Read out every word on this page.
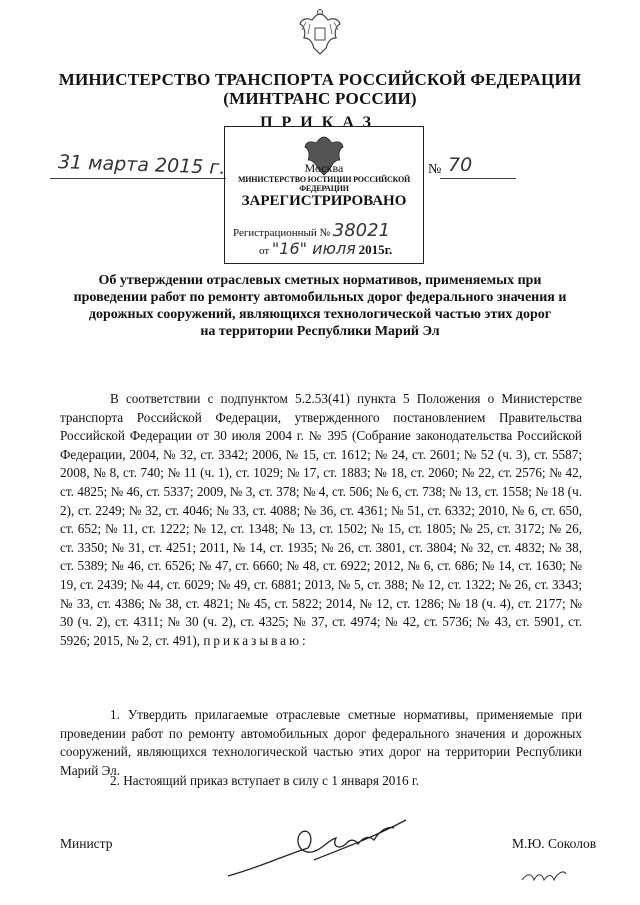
МИНИСТЕРСТВО ТРАНСПОРТА РОССИЙСКОЙ ФЕДЕРАЦИИ
(МИНТРАНС РОССИИ)
ПРИКАЗ
31 марта 2015 г.	№ 70
Москва
МИНИСТЕРСТВО ЮСТИЦИИ РОССИЙСКОЙ ФЕДЕРАЦИИ
ЗАРЕГИСТРИРОВАНО
Регистрационный № 38021
от "16" июля 2015г.
Об утверждении отраслевых сметных нормативов, применяемых при
проведении работ по ремонту автомобильных дорог федерального значения и
дорожных сооружений, являющихся технологической частью этих дорог
на территории Республики Марий Эл
В соответствии с подпунктом 5.2.53(41) пункта 5 Положения о Министерстве транспорта Российской Федерации, утвержденного постановлением Правительства Российской Федерации от 30 июля 2004 г. № 395 (Собрание законодательства Российской Федерации, 2004, № 32, ст. 3342; 2006, № 15, ст. 1612; № 24, ст. 2601; № 52 (ч. 3), ст. 5587; 2008, № 8, ст. 740; № 11 (ч. 1), ст. 1029; № 17, ст. 1883; № 18, ст. 2060; № 22, ст. 2576; № 42, ст. 4825; № 46, ст. 5337; 2009, № 3, ст. 378; № 4, ст. 506; № 6, ст. 738; № 13, ст. 1558; № 18 (ч. 2), ст. 2249; № 32, ст. 4046; № 33, ст. 4088; № 36, ст. 4361; № 51, ст. 6332; 2010, № 6, ст. 650, ст. 652; № 11, ст. 1222; № 12, ст. 1348; № 13, ст. 1502; № 15, ст. 1805; № 25, ст. 3172; № 26, ст. 3350; № 31, ст. 4251; 2011, № 14, ст. 1935; № 26, ст. 3801, ст. 3804; № 32, ст. 4832; № 38, ст. 5389; № 46, ст. 6526; № 47, ст. 6660; № 48, ст. 6922; 2012, № 6, ст. 686; № 14, ст. 1630; № 19, ст. 2439; № 44, ст. 6029; № 49, ст. 6881; 2013, № 5, ст. 388; № 12, ст. 1322; № 26, ст. 3343; № 33, ст. 4386; № 38, ст. 4821; № 45, ст. 5822; 2014, № 12, ст. 1286; № 18 (ч. 4), ст. 2177; № 30 (ч. 2), ст. 4311; № 30 (ч. 2), ст. 4325; № 37, ст. 4974; № 42, ст. 5736; № 43, ст. 5901, ст. 5926; 2015, № 2, ст. 491), приказываю:
1. Утвердить прилагаемые отраслевые сметные нормативы, применяемые при проведении работ по ремонту автомобильных дорог федерального значения и дорожных сооружений, являющихся технологической частью этих дорог на территории Республики Марий Эл.
2. Настоящий приказ вступает в силу с 1 января 2016 г.
Министр	М.Ю. Соколов
